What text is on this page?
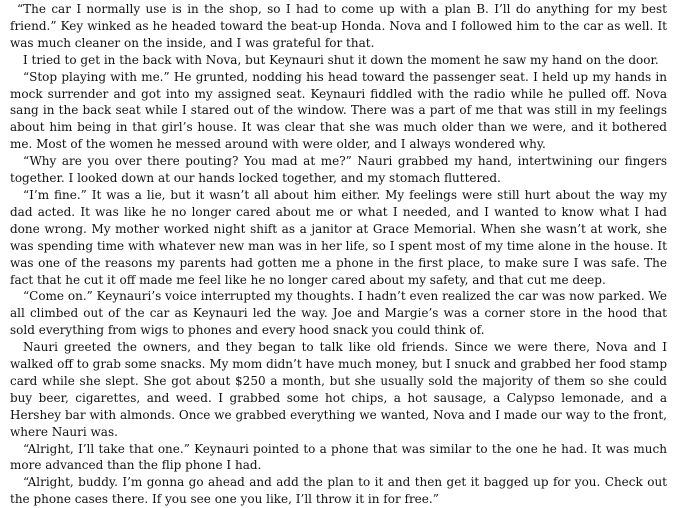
“The car I normally use is in the shop, so I had to come up with a plan B. I’ll do anything for my best friend.” Key winked as he headed toward the beat-up Honda. Nova and I followed him to the car as well. It was much cleaner on the inside, and I was grateful for that.

I tried to get in the back with Nova, but Keynauri shut it down the moment he saw my hand on the door.

“Stop playing with me.” He grunted, nodding his head toward the passenger seat. I held up my hands in mock surrender and got into my assigned seat. Keynauri fiddled with the radio while he pulled off. Nova sang in the back seat while I stared out of the window. There was a part of me that was still in my feelings about him being in that girl’s house. It was clear that she was much older than we were, and it bothered me. Most of the women he messed around with were older, and I always wondered why.

“Why are you over there pouting? You mad at me?” Nauri grabbed my hand, intertwining our fingers together. I looked down at our hands locked together, and my stomach fluttered.

“I’m fine.” It was a lie, but it wasn’t all about him either. My feelings were still hurt about the way my dad acted. It was like he no longer cared about me or what I needed, and I wanted to know what I had done wrong. My mother worked night shift as a janitor at Grace Memorial. When she wasn’t at work, she was spending time with whatever new man was in her life, so I spent most of my time alone in the house. It was one of the reasons my parents had gotten me a phone in the first place, to make sure I was safe. The fact that he cut it off made me feel like he no longer cared about my safety, and that cut me deep.

“Come on.” Keynauri’s voice interrupted my thoughts. I hadn’t even realized the car was now parked. We all climbed out of the car as Keynauri led the way. Joe and Margie’s was a corner store in the hood that sold everything from wigs to phones and every hood snack you could think of.

Nauri greeted the owners, and they began to talk like old friends. Since we were there, Nova and I walked off to grab some snacks. My mom didn’t have much money, but I snuck and grabbed her food stamp card while she slept. She got about $250 a month, but she usually sold the majority of them so she could buy beer, cigarettes, and weed. I grabbed some hot chips, a hot sausage, a Calypso lemonade, and a Hershey bar with almonds. Once we grabbed everything we wanted, Nova and I made our way to the front, where Nauri was.

“Alright, I’ll take that one.” Keynauri pointed to a phone that was similar to the one he had. It was much more advanced than the flip phone I had.

“Alright, buddy. I’m gonna go ahead and add the plan to it and then get it bagged up for you. Check out the phone cases there. If you see one you like, I’ll throw it in for free.”
